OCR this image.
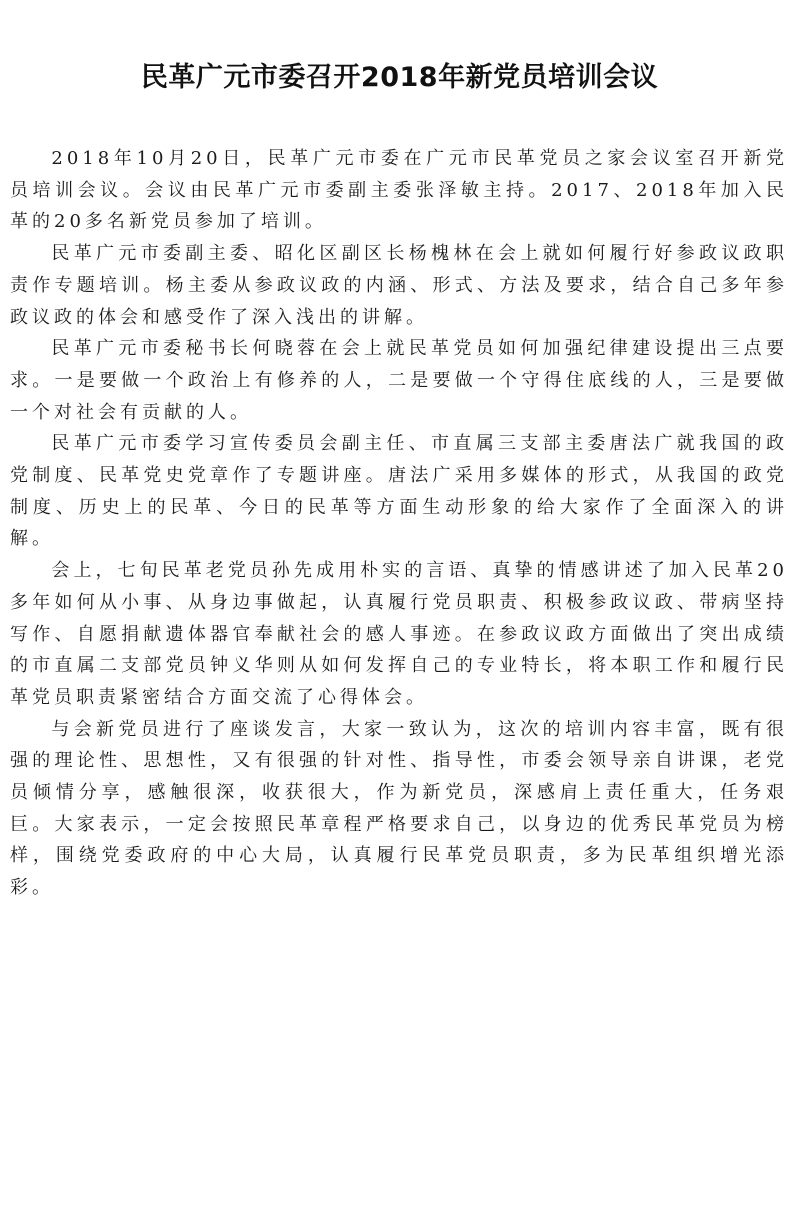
民革广元市委召开2018年新党员培训会议

2018年10月20日，民革广元市委在广元市民革党员之家会议室召开新党员培训会议。会议由民革广元市委副主委张泽敏主持。2017、2018年加入民革的20多名新党员参加了培训。

民革广元市委副主委、昭化区副区长杨槐林在会上就如何履行好参政议政职责作专题培训。杨主委从参政议政的内涵、形式、方法及要求，结合自己多年参政议政的体会和感受作了深入浅出的讲解。

民革广元市委秘书长何晓蓉在会上就民革党员如何加强纪律建设提出三点要求。一是要做一个政治上有修养的人，二是要做一个守得住底线的人，三是要做一个对社会有贡献的人。

民革广元市委学习宣传委员会副主任、市直属三支部主委唐法广就我国的政党制度、民革党史党章作了专题讲座。唐法广采用多媒体的形式，从我国的政党制度、历史上的民革、今日的民革等方面生动形象的给大家作了全面深入的讲解。

会上，七旬民革老党员孙先成用朴实的言语、真挚的情感讲述了加入民革20多年如何从小事、从身边事做起，认真履行党员职责、积极参政议政、带病坚持写作、自愿捐献遗体器官奉献社会的感人事迹。在参政议政方面做出了突出成绩的市直属二支部党员钟义华则从如何发挥自己的专业特长，将本职工作和履行民革党员职责紧密结合方面交流了心得体会。

与会新党员进行了座谈发言，大家一致认为，这次的培训内容丰富，既有很强的理论性、思想性，又有很强的针对性、指导性，市委会领导亲自讲课，老党员倾情分享，感触很深，收获很大，作为新党员，深感肩上责任重大，任务艰巨。大家表示，一定会按照民革章程严格要求自己，以身边的优秀民革党员为榜样，围绕党委政府的中心大局，认真履行民革党员职责，多为民革组织增光添彩。
